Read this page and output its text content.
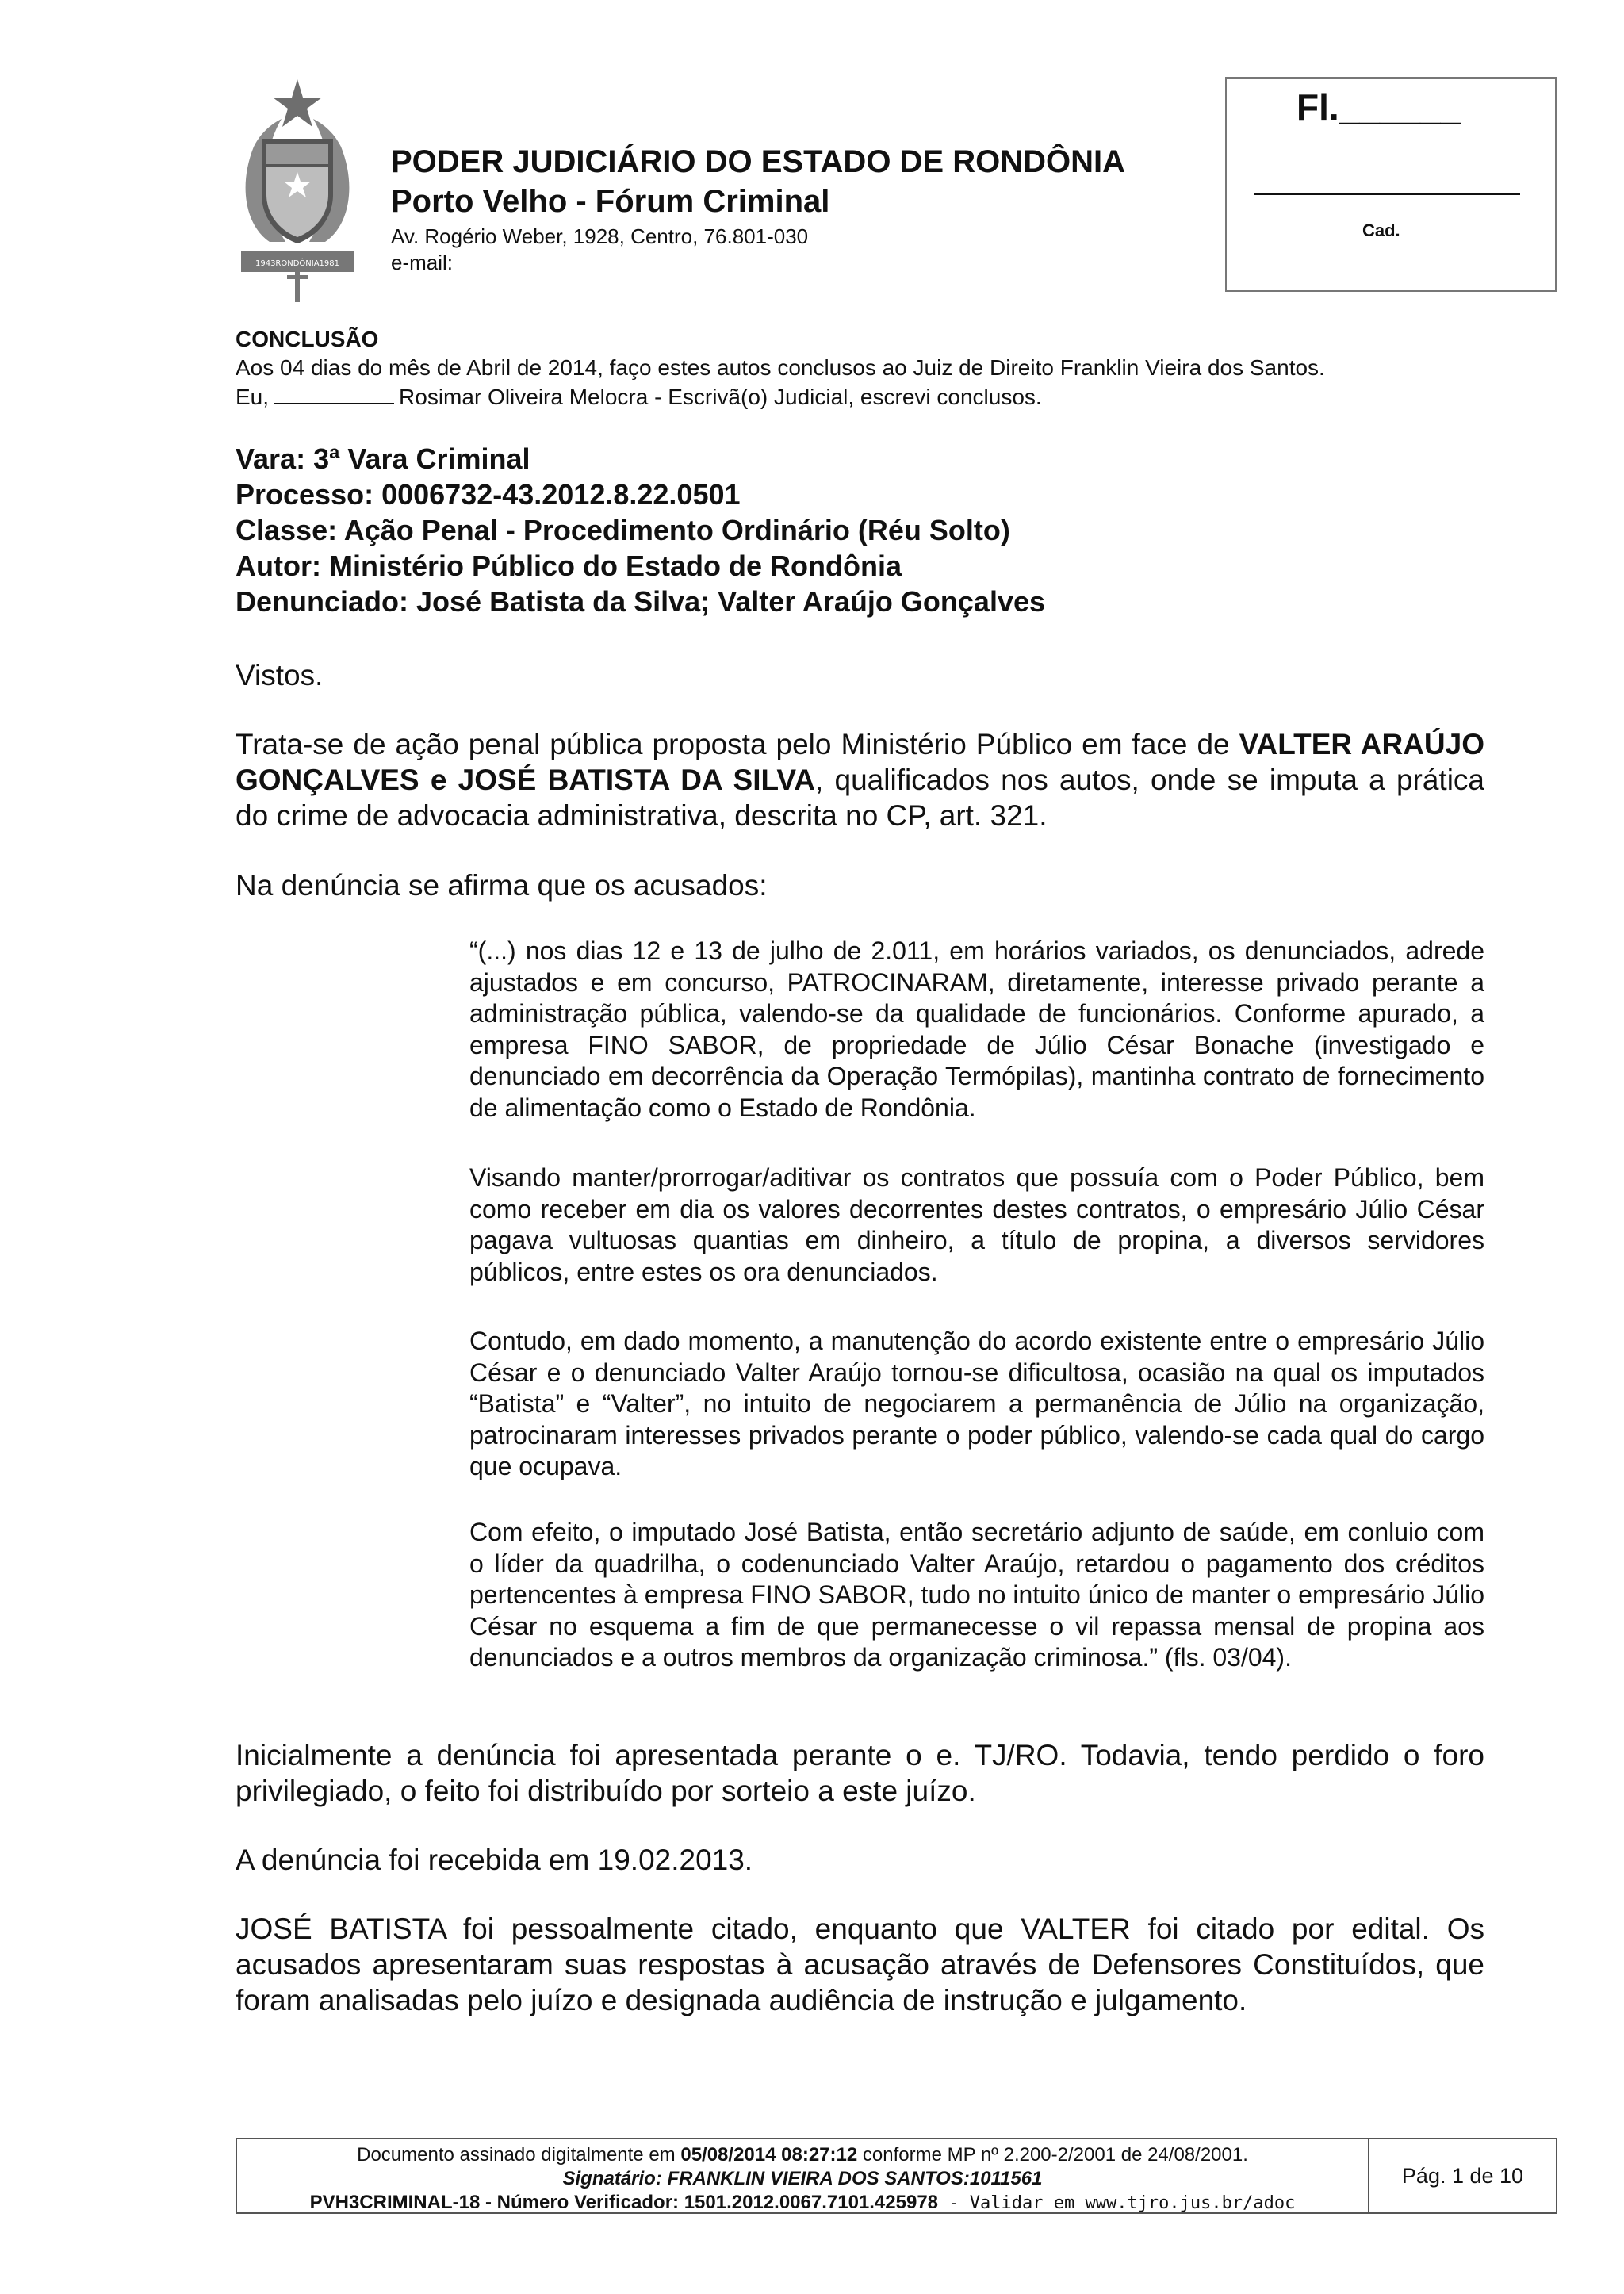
1943 RONDÔNIA 1981
PODER JUDICIÁRIO DO ESTADO DE RONDÔNIA
Porto Velho - Fórum Criminal
Av. Rogério Weber, 1928, Centro, 76.801-030
e-mail:
Fl.______
Cad.
CONCLUSÃO
Aos 04 dias do mês de Abril de 2014, faço estes autos conclusos ao Juiz de Direito Franklin Vieira dos Santos.
Eu,	Rosimar Oliveira Melocra - Escrivã(o) Judicial, escrevi conclusos.
Vara: 3ª Vara Criminal
Processo: 0006732-43.2012.8.22.0501
Classe: Ação Penal - Procedimento Ordinário (Réu Solto)
Autor: Ministério Público do Estado de Rondônia
Denunciado: José Batista da Silva; Valter Araújo Gonçalves
Vistos.
Trata-se de ação penal pública proposta pelo Ministério Público em face de VALTER ARAÚJO GONÇALVES e JOSÉ BATISTA DA SILVA, qualificados nos autos, onde se imputa a prática do crime de advocacia administrativa, descrita no CP, art. 321.
Na denúncia se afirma que os acusados:
“(...) nos dias 12 e 13 de julho de 2.011, em horários variados, os denunciados, adrede ajustados e em concurso, PATROCINARAM, diretamente, interesse privado perante a administração pública, valendo-se da qualidade de funcionários. Conforme apurado, a empresa FINO SABOR, de propriedade de Júlio César Bonache (investigado e denunciado em decorrência da Operação Termópilas), mantinha contrato de fornecimento de alimentação como o Estado de Rondônia.
Visando manter/prorrogar/aditivar os contratos que possuía com o Poder Público, bem como receber em dia os valores decorrentes destes contratos, o empresário Júlio César pagava vultuosas quantias em dinheiro, a título de propina, a diversos servidores públicos, entre estes os ora denunciados.
Contudo, em dado momento, a manutenção do acordo existente entre o empresário Júlio César e o denunciado Valter Araújo tornou-se dificultosa, ocasião na qual os imputados “Batista” e “Valter”, no intuito de negociarem a permanência de Júlio na organização, patrocinaram interesses privados perante o poder público, valendo-se cada qual do cargo que ocupava.
Com efeito, o imputado José Batista, então secretário adjunto de saúde, em conluio com o líder da quadrilha, o codenunciado Valter Araújo, retardou o pagamento dos créditos pertencentes à empresa FINO SABOR, tudo no intuito único de manter o empresário Júlio César no esquema a fim de que permanecesse o vil repassa mensal de propina aos denunciados e a outros membros da organização criminosa.” (fls. 03/04).
Inicialmente a denúncia foi apresentada perante o e. TJ/RO. Todavia, tendo perdido o foro privilegiado, o feito foi distribuído por sorteio a este juízo.
A denúncia foi recebida em 19.02.2013.
JOSÉ BATISTA foi pessoalmente citado, enquanto que VALTER foi citado por edital. Os acusados apresentaram suas respostas à acusação através de Defensores Constituídos, que foram analisadas pelo juízo e designada audiência de instrução e julgamento.
Documento assinado digitalmente em 05/08/2014 08:27:12 conforme MP nº 2.200-2/2001 de 24/08/2001.
Signatário: FRANKLIN VIEIRA DOS SANTOS:1011561
PVH3CRIMINAL-18 - Número Verificador: 1501.2012.0067.7101.425978 - Validar em www.tjro.jus.br/adoc
Pág. 1 de 10
